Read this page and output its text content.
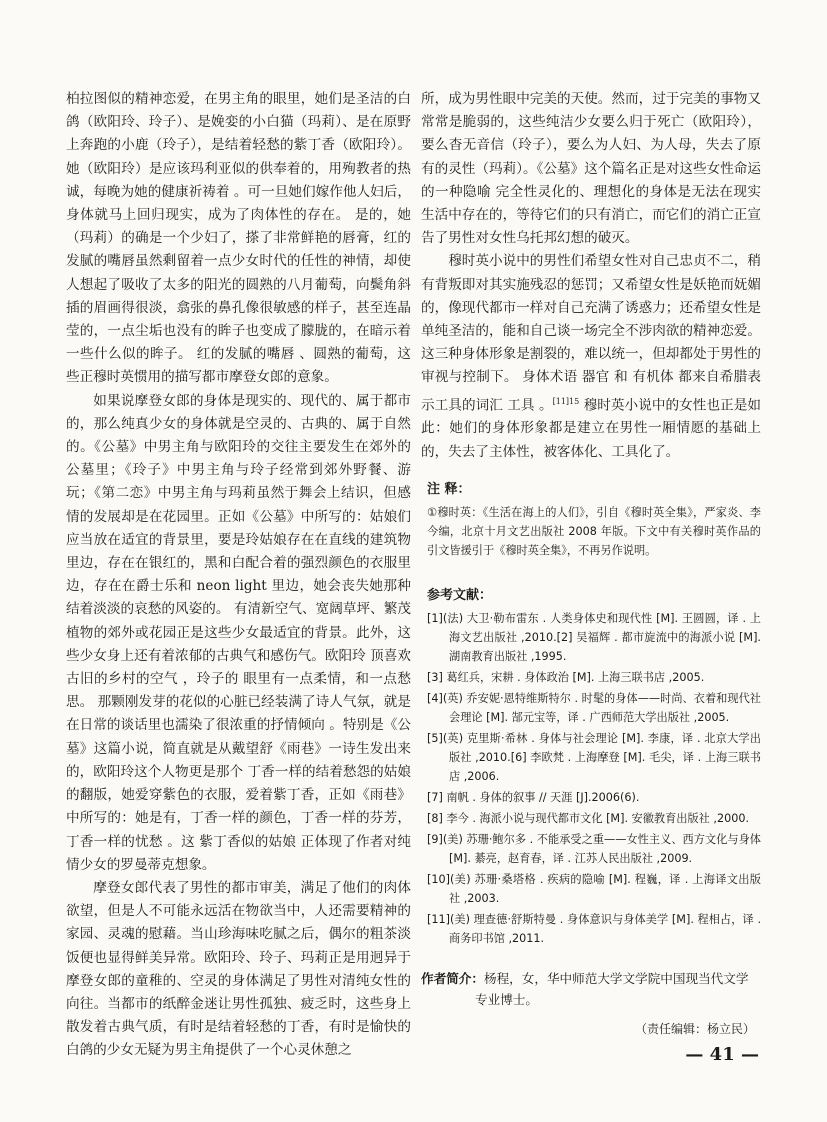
柏拉图似的精神恋爱，在男主角的眼里，她们是圣洁的白鸽（欧阳玲、玲子）、是娩娈的小白猫（玛莉）、是在原野上奔跑的小鹿（玲子），是结着轻愁的紫丁香（欧阳玲）。她（欧阳玲）是应该玛利亚似的供奉着的，用殉教者的热诚，每晚为她的健康祈祷着 。可一旦她们嫁作他人妇后，身体就马上回归现实，成为了肉体性的存在。 是的，她（玛莉）的确是一个少妇了，搽了非常鲜艳的唇膏，红的发腻的嘴唇虽然剩留着一点少女时代的任性的神情，却使人想起了吸收了太多的阳光的圆熟的八月葡萄，向鬓角斜插的眉画得很淡，翕张的鼻孔像很敏感的样子，甚至连晶莹的，一点尘垢也没有的眸子也变成了朦胧的，在暗示着一些什么似的眸子。 红的发腻的嘴唇 、圆熟的葡萄，这些正穆时英惯用的描写都市摩登女郎的意象。

如果说摩登女郎的身体是现实的、现代的、属于都市的，那么纯真少女的身体就是空灵的、古典的、属于自然的。《公墓》中男主角与欧阳玲的交往主要发生在郊外的公墓里；《玲子》中男主角与玲子经常到郊外野餐、游玩；《第二恋》中男主角与玛莉虽然于舞会上结识，但感情的发展却是在花园里。正如《公墓》中所写的：姑娘们应当放在适宜的背景里，要是玲姑娘存在在直线的建筑物里边，存在在银红的，黑和白配合着的强烈颜色的衣服里边，存在在爵士乐和 neon light 里边，她会丧失她那种结着淡淡的哀愁的风姿的。 有清新空气、宽阔草坪、繁茂植物的郊外或花园正是这些少女最适宜的背景。此外，这些少女身上还有着浓郁的古典气和感伤气。欧阳玲 顶喜欢古旧的乡村的空气 ，玲子的 眼里有一点柔情，和一点愁思。 那颗刚发芽的花似的心脏已经装满了诗人气氛，就是在日常的谈话里也濡染了很浓重的抒情倾向 。特别是《公墓》这篇小说，简直就是从戴望舒《雨巷》一诗生发出来的，欧阳玲这个人物更是那个 丁香一样的结着愁怨的姑娘 的翻版，她爱穿紫色的衣服，爱着紫丁香，正如《雨巷》中所写的：她是有，丁香一样的颜色，丁香一样的芬芳，丁香一样的忧愁 。这 紫丁香似的姑娘 正体现了作者对纯情少女的罗曼蒂克想象。

摩登女郎代表了男性的都市审美，满足了他们的肉体欲望，但是人不可能永远活在物欲当中，人还需要精神的家园、灵魂的慰藉。当山珍海味吃腻之后，偶尔的粗茶淡饭便也显得鲜美异常。欧阳玲、玲子、玛莉正是用迥异于摩登女郎的童稚的、空灵的身体满足了男性对清纯女性的向往。当都市的纸醉金迷让男性孤独、疲乏时，这些身上散发着古典气质，有时是结着轻愁的丁香，有时是愉快的白鸽的少女无疑为男主角提供了一个心灵休憩之

所，成为男性眼中完美的天使。然而，过于完美的事物又常常是脆弱的，这些纯洁少女要么归于死亡（欧阳玲），要么杳无音信（玲子），要么为人妇、为人母，失去了原有的灵性（玛莉）。《公墓》这个篇名正是对这些女性命运的一种隐喻 完全性灵化的、理想化的身体是无法在现实生活中存在的，等待它们的只有消亡，而它们的消亡正宣告了男性对女性乌托邦幻想的破灭。

穆时英小说中的男性们希望女性对自己忠贞不二，稍有背叛即对其实施残忍的惩罚；又希望女性是妖艳而妩媚的，像现代都市一样对自己充满了诱惑力；还希望女性是单纯圣洁的，能和自己谈一场完全不涉肉欲的精神恋爱。这三种身体形象是割裂的，难以统一，但却都处于男性的审视与控制下。 身体术语 器官 和 有机体 都来自希腊表示工具的词汇 工具 。$^{[11]15}$ 穆时英小说中的女性也正是如此：她们的身体形象都是建立在男性一厢情愿的基础上的，失去了主体性，被客体化、工具化了。

注 释：

①穆时英：《生活在海上的人们》，引自《穆时英全集》，严家炎、李今编，北京十月文艺出版社 2008 年版。下文中有关穆时英作品的引文皆援引于《穆时英全集》，不再另作说明。

参考文献：

[1](法) 大卫·勒布雷东 . 人类身体史和现代性 [M]. 王圆圆，译 . 上海文艺出版社 ,2010.[2] 吴福辉 . 都市旋流中的海派小说 [M]. 湖南教育出版社 ,1995.

[3] 葛红兵，宋耕 . 身体政治 [M]. 上海三联书店 ,2005.

[4](英) 乔安妮·恩特维斯特尔 . 时髦的身体——时尚、衣着和现代社会理论 [M]. 郜元宝等，译 . 广西师范大学出版社 ,2005.

[5](英) 克里斯·希林 . 身体与社会理论 [M]. 李康，译 . 北京大学出版社 ,2010.[6] 李欧梵 . 上海摩登 [M]. 毛尖，译 . 上海三联书店 ,2006.

[7] 南帆 . 身体的叙事 // 天涯 [J].2006(6).

[8] 李今 . 海派小说与现代都市文化 [M]. 安徽教育出版社 ,2000.

[9](美) 苏珊·鲍尔多 . 不能承受之重——女性主义、西方文化与身体 [M]. 綦亮，赵育春，译 . 江苏人民出版社 ,2009.

[10](美) 苏珊·桑塔格 . 疾病的隐喻 [M]. 程巍，译 . 上海译文出版社 ,2003.

[11](美) 理查德·舒斯特曼 . 身体意识与身体美学 [M]. 程相占，译 . 商务印书馆 ,2011.

作者简介：杨程，女，华中师范大学文学院中国现当代文学专业博士。

（责任编辑：杨立民）

— 41 —
